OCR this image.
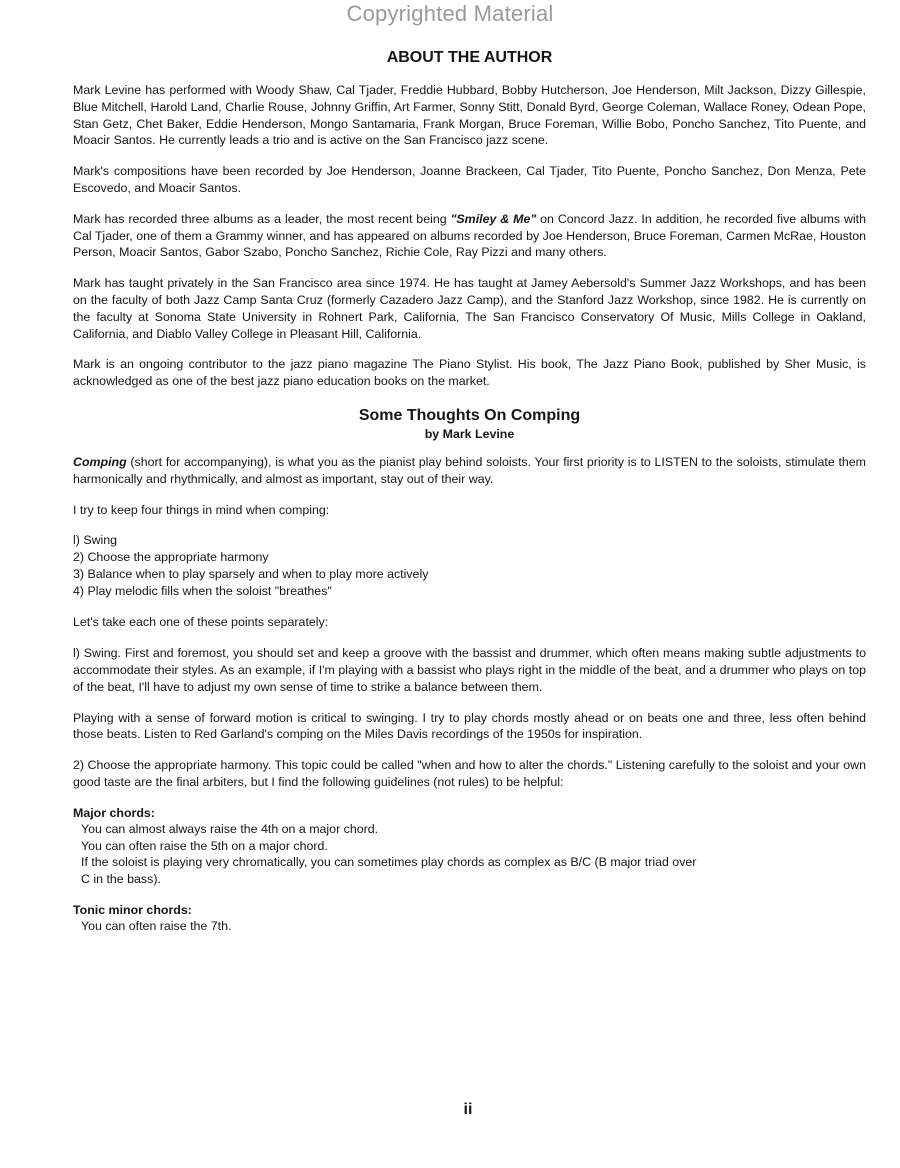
Copyrighted Material
ABOUT THE AUTHOR

Mark Levine has performed with Woody Shaw, Cal Tjader, Freddie Hubbard, Bobby Hutcherson, Joe Henderson, Milt Jackson, Dizzy Gillespie, Blue Mitchell, Harold Land, Charlie Rouse, Johnny Griffin, Art Farmer, Sonny Stitt, Donald Byrd, George Coleman, Wallace Roney, Odean Pope, Stan Getz, Chet Baker, Eddie Henderson, Mongo Santamaria, Frank Morgan, Bruce Foreman, Willie Bobo, Poncho Sanchez, Tito Puente, and Moacir Santos. He currently leads a trio and is active on the San Francisco jazz scene.

Mark's compositions have been recorded by Joe Henderson, Joanne Brackeen, Cal Tjader, Tito Puente, Poncho Sanchez, Don Menza, Pete Escovedo, and Moacir Santos.

Mark has recorded three albums as a leader, the most recent being "Smiley & Me" on Concord Jazz. In addition, he recorded five albums with Cal Tjader, one of them a Grammy winner, and has appeared on albums recorded by Joe Henderson, Bruce Foreman, Carmen McRae, Houston Person, Moacir Santos, Gabor Szabo, Poncho Sanchez, Richie Cole, Ray Pizzi and many others.

Mark has taught privately in the San Francisco area since 1974. He has taught at Jamey Aebersold's Summer Jazz Workshops, and has been on the faculty of both Jazz Camp Santa Cruz (formerly Cazadero Jazz Camp), and the Stanford Jazz Workshop, since 1982. He is currently on the faculty at Sonoma State University in Rohnert Park, California, The San Francisco Conservatory Of Music, Mills College in Oakland, California, and Diablo Valley College in Pleasant Hill, California.

Mark is an ongoing contributor to the jazz piano magazine The Piano Stylist. His book, The Jazz Piano Book, published by Sher Music, is acknowledged as one of the best jazz piano education books on the market.

Some Thoughts On Comping
by Mark Levine

Comping (short for accompanying), is what you as the pianist play behind soloists. Your first priority is to LISTEN to the soloists, stimulate them harmonically and rhythmically, and almost as important, stay out of their way.

I try to keep four things in mind when comping:

l) Swing
2) Choose the appropriate harmony
3) Balance when to play sparsely and when to play more actively
4) Play melodic fills when the soloist "breathes"

Let's take each one of these points separately:

l) Swing. First and foremost, you should set and keep a groove with the bassist and drummer, which often means making subtle adjustments to accommodate their styles. As an example, if I'm playing with a bassist who plays right in the middle of the beat, and a drummer who plays on top of the beat, I'll have to adjust my own sense of time to strike a balance between them.

Playing with a sense of forward motion is critical to swinging. I try to play chords mostly ahead or on beats one and three, less often behind those beats. Listen to Red Garland's comping on the Miles Davis recordings of the 1950s for inspiration.

2) Choose the appropriate harmony. This topic could be called "when and how to alter the chords." Listening carefully to the soloist and your own good taste are the final arbiters, but I find the following guidelines (not rules) to be helpful:

Major chords:
You can almost always raise the 4th on a major chord.
You can often raise the 5th on a major chord.
If the soloist is playing very chromatically, you can sometimes play chords as complex as B/C (B major triad over
C in the bass).
Tonic minor chords:
You can often raise the 7th.
ii
